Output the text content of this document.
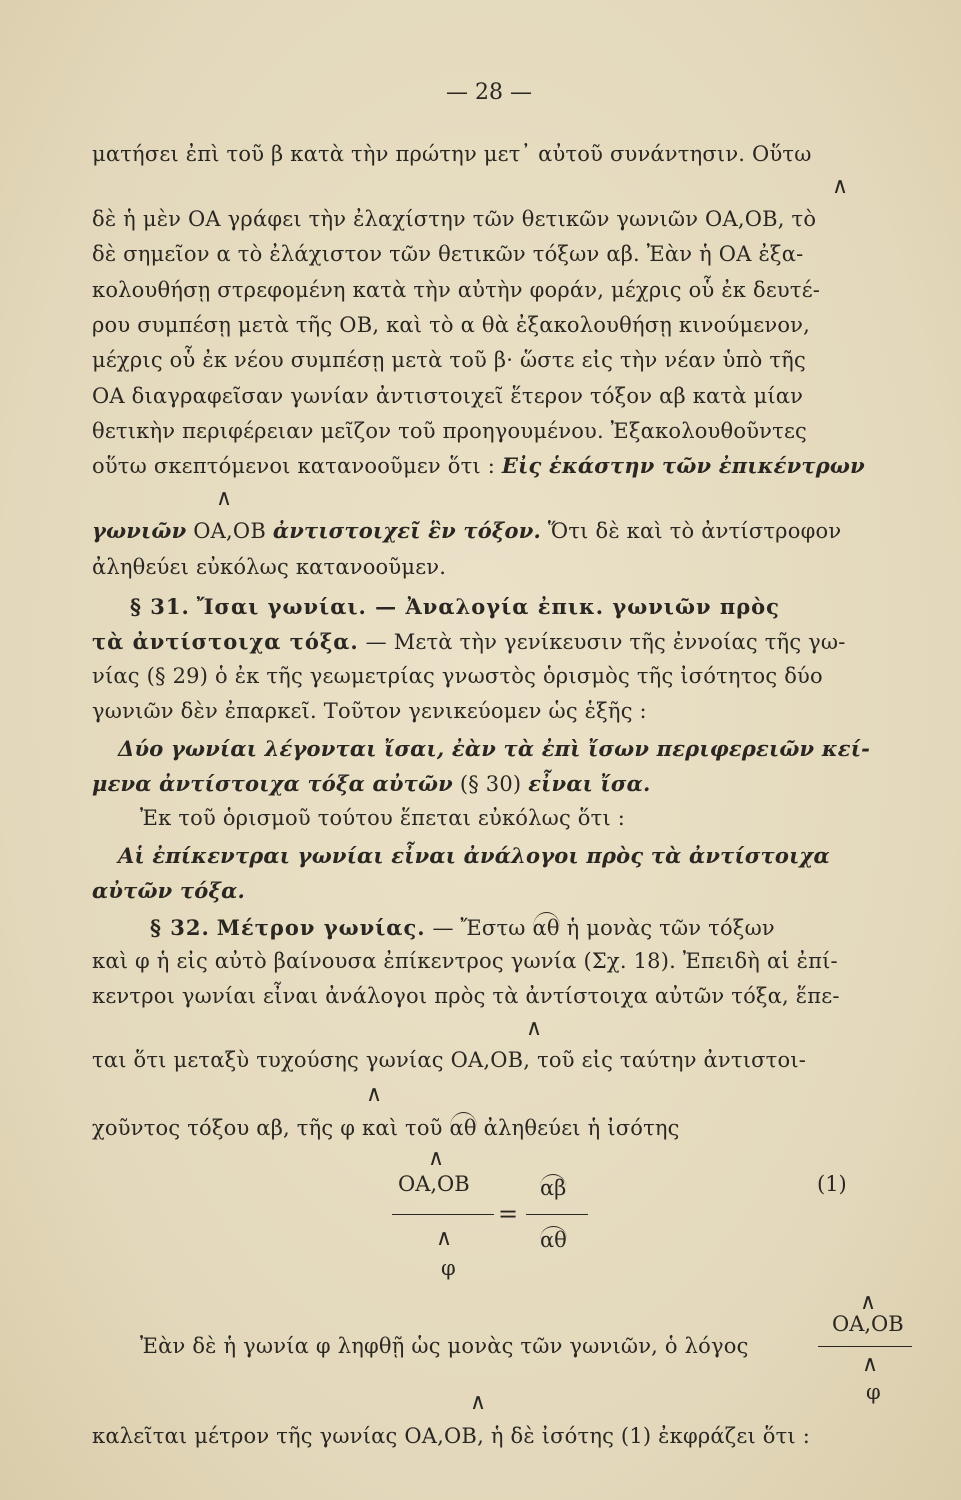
— 28 —
ματήσει ἐπὶ τοῦ β κατὰ τὴν πρώτην μετ᾽ αὐτοῦ συνάντησιν. Οὕτω
∧
δὲ ἡ μὲν ΟΑ γράφει τὴν ἐλαχίστην τῶν θετικῶν γωνιῶν ΟΑ,ΟΒ, τὸ
δὲ σημεῖον α τὸ ἐλάχιστον τῶν θετικῶν τόξων αβ. Ἐὰν ἡ ΟΑ ἐξα-
κολουθήσῃ στρεφομένη κατὰ τὴν αὐτὴν φοράν, μέχρις οὗ ἐκ δευτέ-
ρου συμπέσῃ μετὰ τῆς ΟΒ, καὶ τὸ α θὰ ἐξακολουθήσῃ κινούμενον,
μέχρις οὗ ἐκ νέου συμπέσῃ μετὰ τοῦ β· ὥστε εἰς τὴν νέαν ὑπὸ τῆς
ΟΑ διαγραφεῖσαν γωνίαν ἀντιστοιχεῖ ἕτερον τόξον αβ κατὰ μίαν
θετικὴν περιφέρειαν μεῖζον τοῦ προηγουμένου. Ἐξακολουθοῦντες
οὕτω σκεπτόμενοι κατανοοῦμεν ὅτι : Εἰς ἑκάστην τῶν ἐπικέντρων
∧
γωνιῶν ΟΑ,ΟΒ ἀντιστοιχεῖ ἓν τόξον. Ὅτι δὲ καὶ τὸ ἀντίστροφον
ἀληθεύει εὐκόλως κατανοοῦμεν.
§ 31. Ἴσαι γωνίαι. — Ἀναλογία ἐπικ. γωνιῶν πρὸς
τὰ ἀντίστοιχα τόξα. — Μετὰ τὴν γενίκευσιν τῆς ἐννοίας τῆς γω-
νίας (§ 29) ὁ ἐκ τῆς γεωμετρίας γνωστὸς ὁρισμὸς τῆς ἰσότητος δύο
γωνιῶν δὲν ἐπαρκεῖ. Τοῦτον γενικεύομεν ὡς ἑξῆς :
Δύο γωνίαι λέγονται ἴσαι, ἐὰν τὰ ἐπὶ ἴσων περιφερειῶν κεί-
μενα ἀντίστοιχα τόξα αὐτῶν (§ 30) εἶναι ἴσα.
Ἐκ τοῦ ὁρισμοῦ τούτου ἕπεται εὐκόλως ὅτι :
Αἱ ἐπίκεντραι γωνίαι εἶναι ἀνάλογοι πρὸς τὰ ἀντίστοιχα
αὐτῶν τόξα.
§ 32. Μέτρον γωνίας. — Ἔστω αθ ἡ μονὰς τῶν τόξων
καὶ φ ἡ εἰς αὐτὸ βαίνουσα ἐπίκεντρος γωνία (Σχ. 18). Ἐπειδὴ αἱ ἐπί-
κεντροι γωνίαι εἶναι ἀνάλογοι πρὸς τὰ ἀντίστοιχα αὐτῶν τόξα, ἕπε-
∧
ται ὅτι μεταξὺ τυχούσης γωνίας ΟΑ,ΟΒ, τοῦ εἰς ταύτην ἀντιστοι-
∧
χοῦντος τόξου αβ, τῆς φ καὶ τοῦ αθ ἀληθεύει ἡ ἰσότης
∧
ΟΑ,ΟΒ
=
αβ
αθ
∧
φ
(1)
∧
Ἐὰν δὲ ἡ γωνία φ ληφθῇ ὡς μονὰς τῶν γωνιῶν, ὁ λόγος
ΟΑ,ΟΒ
∧
φ
∧
καλεῖται μέτρον τῆς γωνίας ΟΑ,ΟΒ, ἡ δὲ ἰσότης (1) ἐκφράζει ὅτι :
